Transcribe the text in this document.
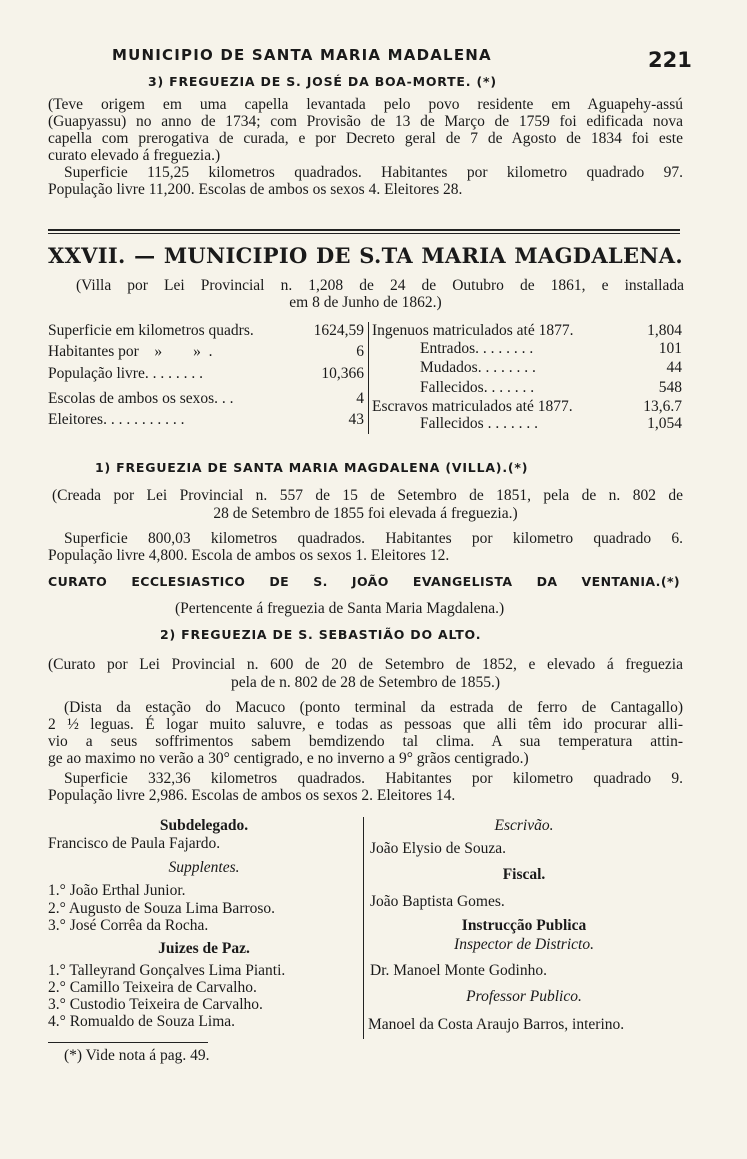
MUNICIPIO DE SANTA MARIA MADALENA	221
3) FREGUEZIA DE S. JOSÉ DA BOA-MORTE. (*)
(Teve origem em uma capella levantada pelo povo residente em Aguapehy-assú
(Guapyassu) no anno de 1734; com Provisão de 13 de Março de 1759 foi edificada nova
capella com prerogativa de curada, e por Decreto geral de 7 de Agosto de 1834 foi este
curato elevado á freguezia.)
Superficie 115,25 kilometros quadrados. Habitantes por kilometro quadrado 97.
População livre 11,200. Escolas de ambos os sexos 4. Eleitores 28.
XXVII. — MUNICIPIO DE S.TA MARIA MAGDALENA.
(Villa por Lei Provincial n. 1,208 de 24 de Outubro de 1861, e installada
em 8 de Junho de 1862.)
Superficie em kilometros quadrs.	1624,59
Habitantes por    »        »  .	6
População livre. . . . . . . .	10,366
Escolas de ambos os sexos. . .	4
Eleitores. . . . . . . . . . .	43
Ingenuos matriculados até 1877.	1,804
Entrados. . . . . . . .	101
Mudados. . . . . . . .	44
Fallecidos. . . . . . .	548
Escravos matriculados até 1877.	13,6.7
Fallecidos . . . . . . .	1,054
1) FREGUEZIA DE SANTA MARIA MAGDALENA (VILLA).(*)
(Creada por Lei Provincial n. 557 de 15 de Setembro de 1851, pela de n. 802 de
28 de Setembro de 1855 foi elevada á freguezia.)
Superficie 800,03 kilometros quadrados. Habitantes por kilometro quadrado 6.
População livre 4,800. Escola de ambos os sexos 1. Eleitores 12.
CURATO ECCLESIASTICO DE S. JOÃO EVANGELISTA DA VENTANIA.(*)
(Pertencente á freguezia de Santa Maria Magdalena.)
2) FREGUEZIA DE S. SEBASTIÃO DO ALTO.
(Curato por Lei Provincial n. 600 de 20 de Setembro de 1852, e elevado á freguezia
pela de n. 802 de 28 de Setembro de 1855.)
(Dista da estação do Macuco (ponto terminal da estrada de ferro de Cantagallo)
2 ½ leguas. É logar muito saluvre, e todas as pessoas que alli têm ido procurar alli-
vio a seus soffrimentos sabem bemdizendo tal clima. A sua temperatura attin-
ge ao maximo no verão a 30° centigrado, e no inverno a 9° grãos centigrado.)
Superficie 332,36 kilometros quadrados. Habitantes por kilometro quadrado 9.
População livre 2,986. Escolas de ambos os sexos 2. Eleitores 14.
Subdelegado.
Francisco de Paula Fajardo.
Supplentes.
1.° João Erthal Junior.
2.° Augusto de Souza Lima Barroso.
3.° José Corrêa da Rocha.
Juizes de Paz.
1.° Talleyrand Gonçalves Lima Pianti.
2.° Camillo Teixeira de Carvalho.
3.° Custodio Teixeira de Carvalho.
4.° Romualdo de Souza Lima.
Escrivão.
João Elysio de Souza.
Fiscal.
João Baptista Gomes.
Instrucção Publica
Inspector de Districto.
Dr. Manoel Monte Godinho.
Professor Publico.
Manoel da Costa Araujo Barros, interino.
(*) Vide nota á pag. 49.
